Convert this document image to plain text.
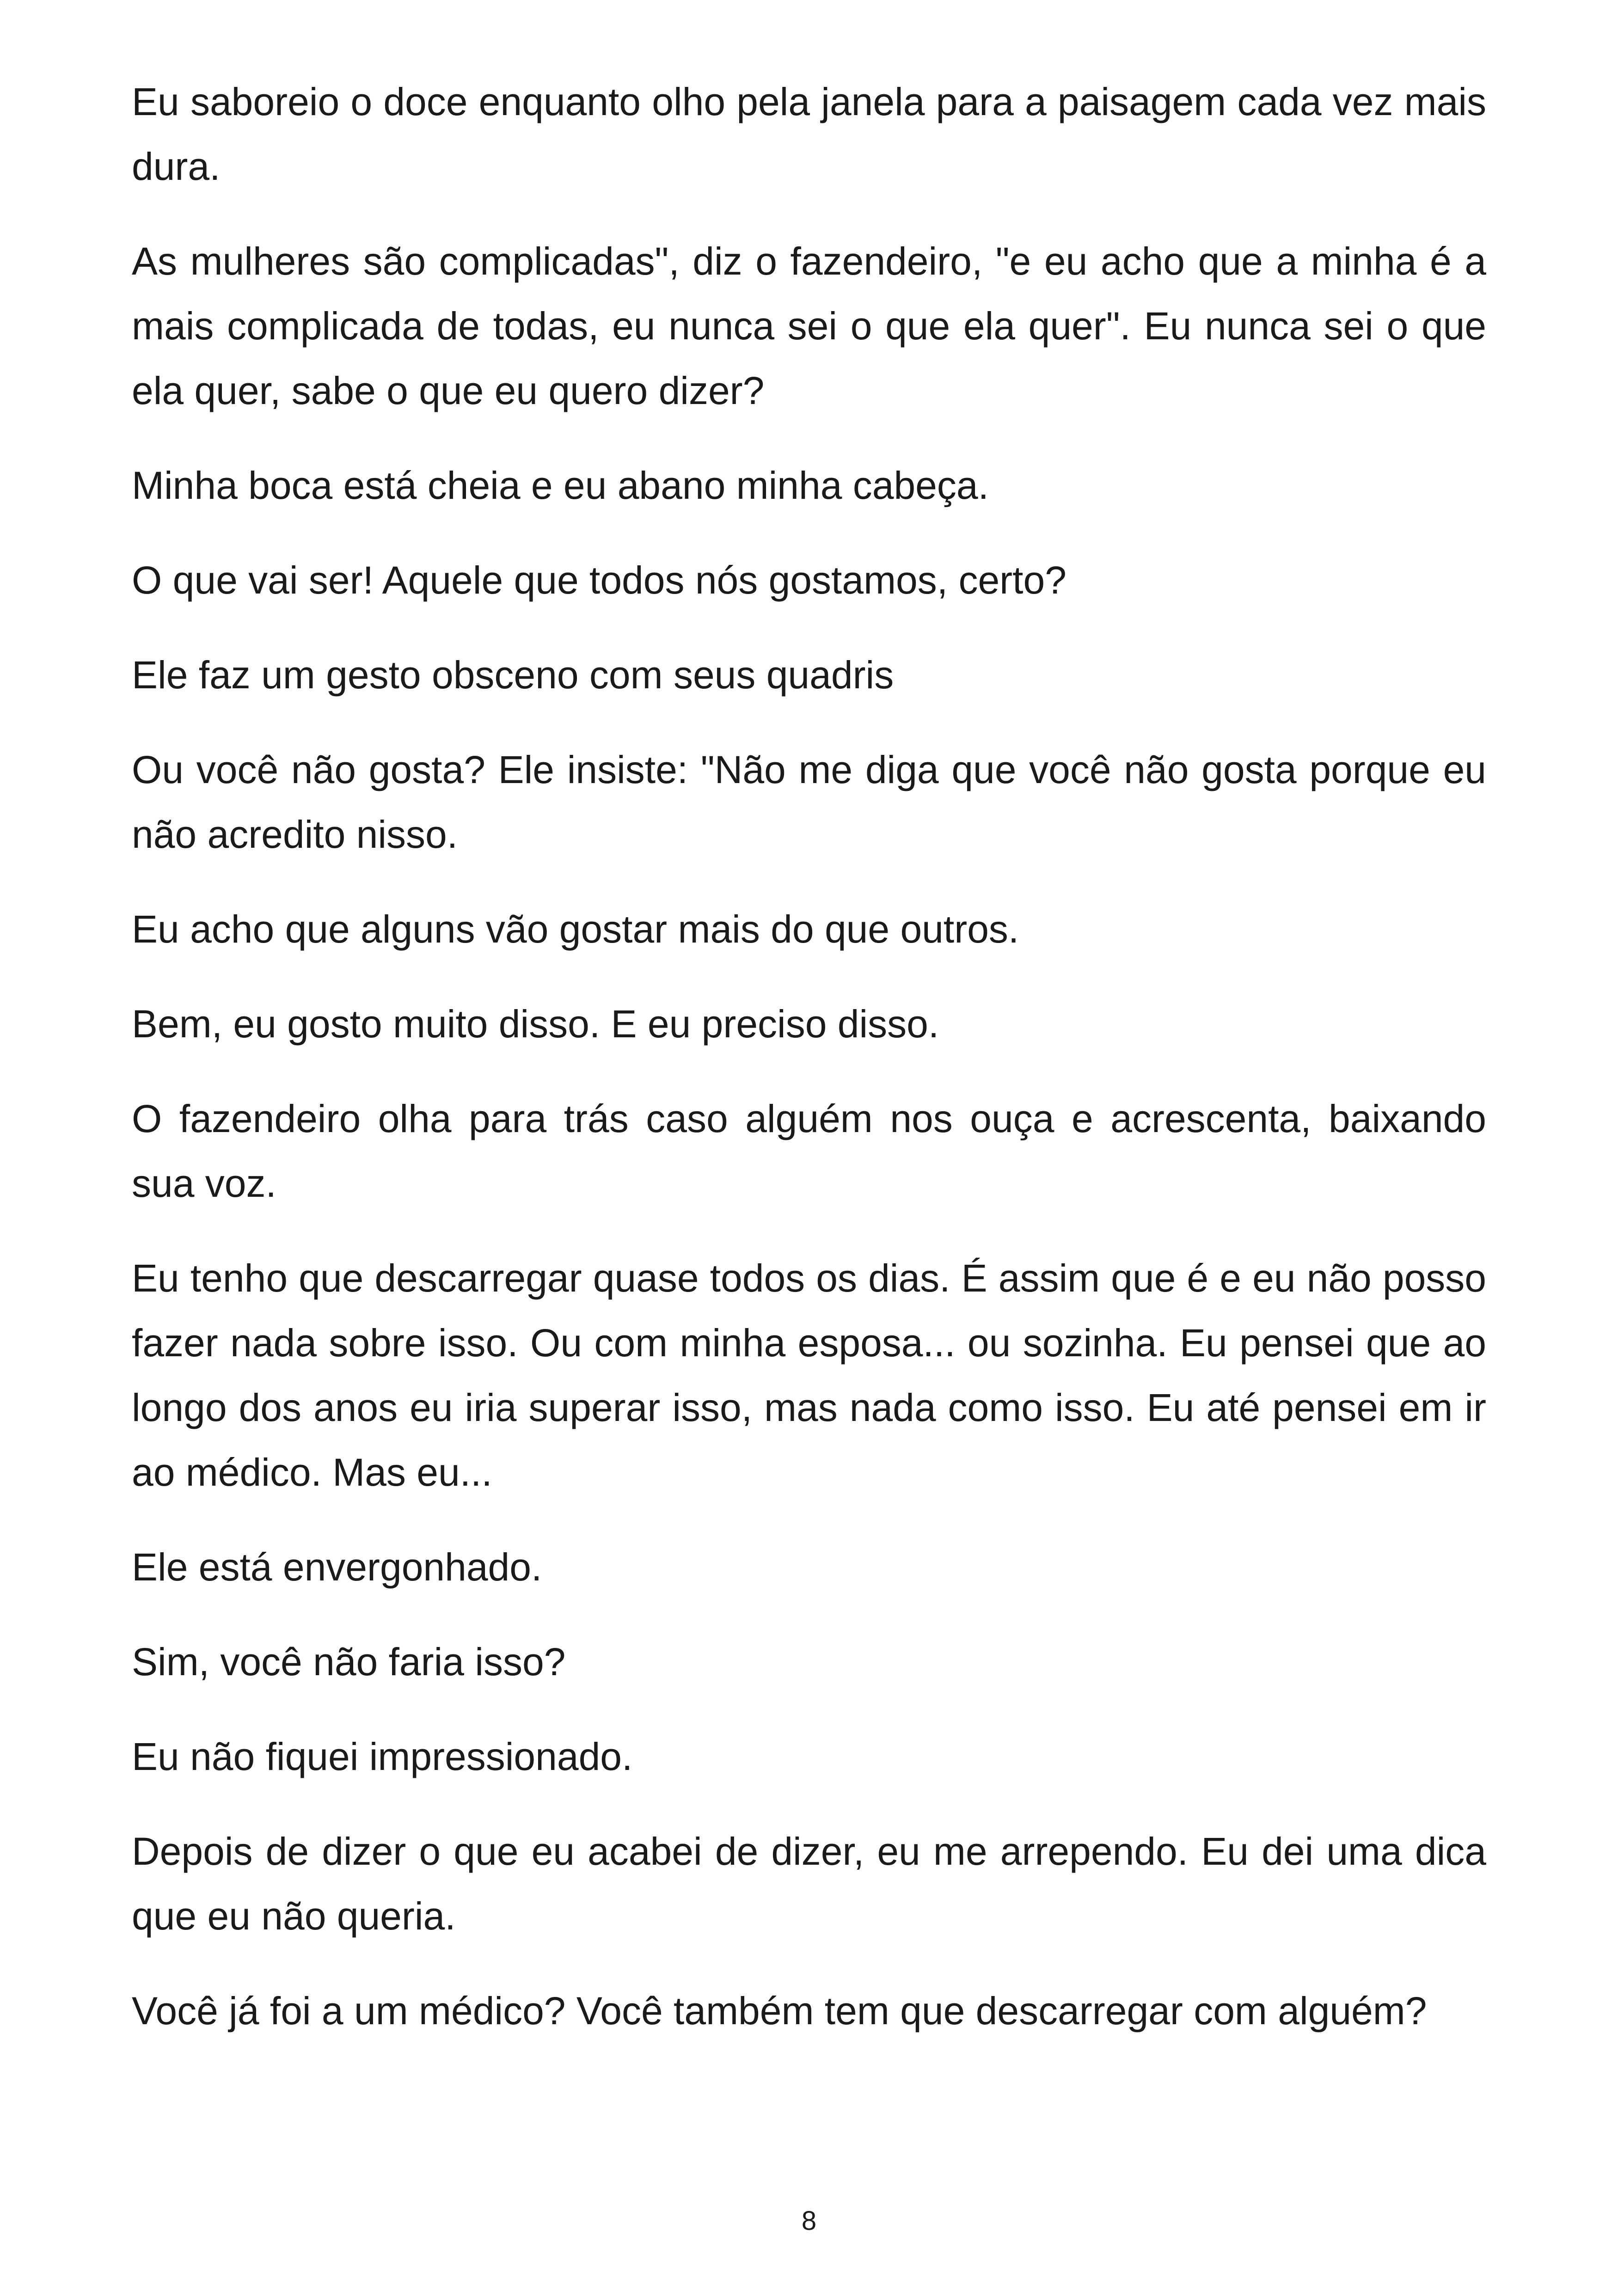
Eu saboreio o doce enquanto olho pela janela para a paisagem cada vez mais dura.

As mulheres são complicadas", diz o fazendeiro, "e eu acho que a minha é a mais complicada de todas, eu nunca sei o que ela quer". Eu nunca sei o que ela quer, sabe o que eu quero dizer?

Minha boca está cheia e eu abano minha cabeça.

O que vai ser! Aquele que todos nós gostamos, certo?

Ele faz um gesto obsceno com seus quadris

Ou você não gosta? Ele insiste: "Não me diga que você não gosta porque eu não acredito nisso.

Eu acho que alguns vão gostar mais do que outros.

Bem, eu gosto muito disso. E eu preciso disso.

O fazendeiro olha para trás caso alguém nos ouça e acrescenta, baixando sua voz.

Eu tenho que descarregar quase todos os dias. É assim que é e eu não posso fazer nada sobre isso. Ou com minha esposa... ou sozinha. Eu pensei que ao longo dos anos eu iria superar isso, mas nada como isso. Eu até pensei em ir ao médico. Mas eu...

Ele está envergonhado.

Sim, você não faria isso?

Eu não fiquei impressionado.

Depois de dizer o que eu acabei de dizer, eu me arrependo. Eu dei uma dica que eu não queria.

Você já foi a um médico? Você também tem que descarregar com alguém?

8
